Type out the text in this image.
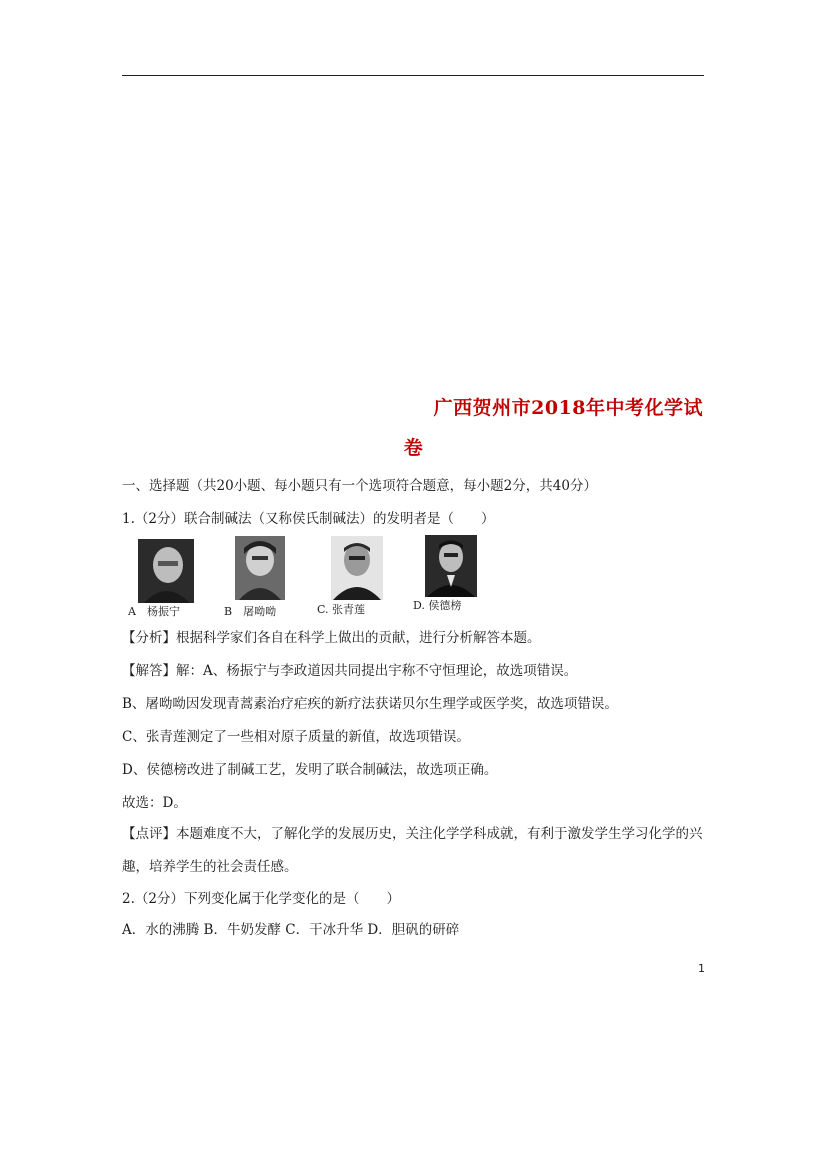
广西贺州市2018年中考化学试
卷
一、选择题（共20小题、每小题只有一个选项符合题意，每小题2分，共40分）
1.（2分）联合制碱法（又称侯氏制碱法）的发明者是（　　）
A　杨振宁	B　屠呦呦	C. 张青莲	D. 侯德榜
【分析】根据科学家们各自在科学上做出的贡献，进行分析解答本题。
【解答】解：A、杨振宁与李政道因共同提出宇称不守恒理论，故选项错误。
B、屠呦呦因发现青蒿素治疗疟疾的新疗法获诺贝尔生理学或医学奖，故选项错误。
C、张青莲测定了一些相对原子质量的新值，故选项错误。
D、侯德榜改进了制碱工艺，发明了联合制碱法，故选项正确。
故选：D。
【点评】本题难度不大，了解化学的发展历史，关注化学学科成就，有利于激发学生学习化学的兴趣，培养学生的社会责任感。
2.（2分）下列变化属于化学变化的是（　　）
A．水的沸腾 B．牛奶发酵 C．干冰升华 D．胆矾的研碎
1
